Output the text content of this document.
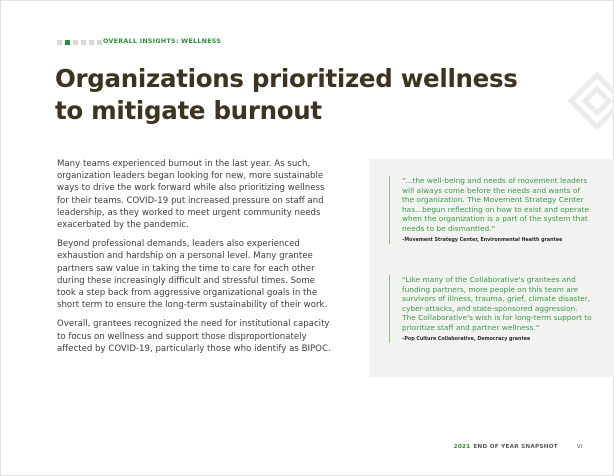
OVERALL INSIGHTS: WELLNESS
Organizations prioritized wellness to mitigate burnout

Many teams experienced burnout in the last year. As such, organization leaders began looking for new, more sustainable ways to drive the work forward while also prioritizing wellness for their teams. COVID-19 put increased pressure on staff and leadership, as they worked to meet urgent community needs exacerbated by the pandemic.

Beyond professional demands, leaders also experienced exhaustion and hardship on a personal level. Many grantee partners saw value in taking the time to care for each other during these increasingly difficult and stressful times. Some took a step back from aggressive organizational goals in the short term to ensure the long-term sustainability of their work.

Overall, grantees recognized the need for institutional capacity to focus on wellness and support those disproportionately affected by COVID-19, particularly those who identify as BIPOC.

"...the well-being and needs of movement leaders will always come before the needs and wants of the organization. The Movement Strategy Center has...begun reflecting on how to exist and operate when the organization is a part of the system that needs to be dismantled."
–Movement Strategy Center, Environmental Health grantee
"Like many of the Collaborative's grantees and funding partners, more people on this team are survivors of illness, trauma, grief, climate disaster, cyber-attacks, and state-sponsored aggression. The Collaborative's wish is for long-term support to prioritize staff and partner wellness."
–Pop Culture Collaborative, Democracy grantee
2021 END OF YEAR SNAPSHOT	VI
